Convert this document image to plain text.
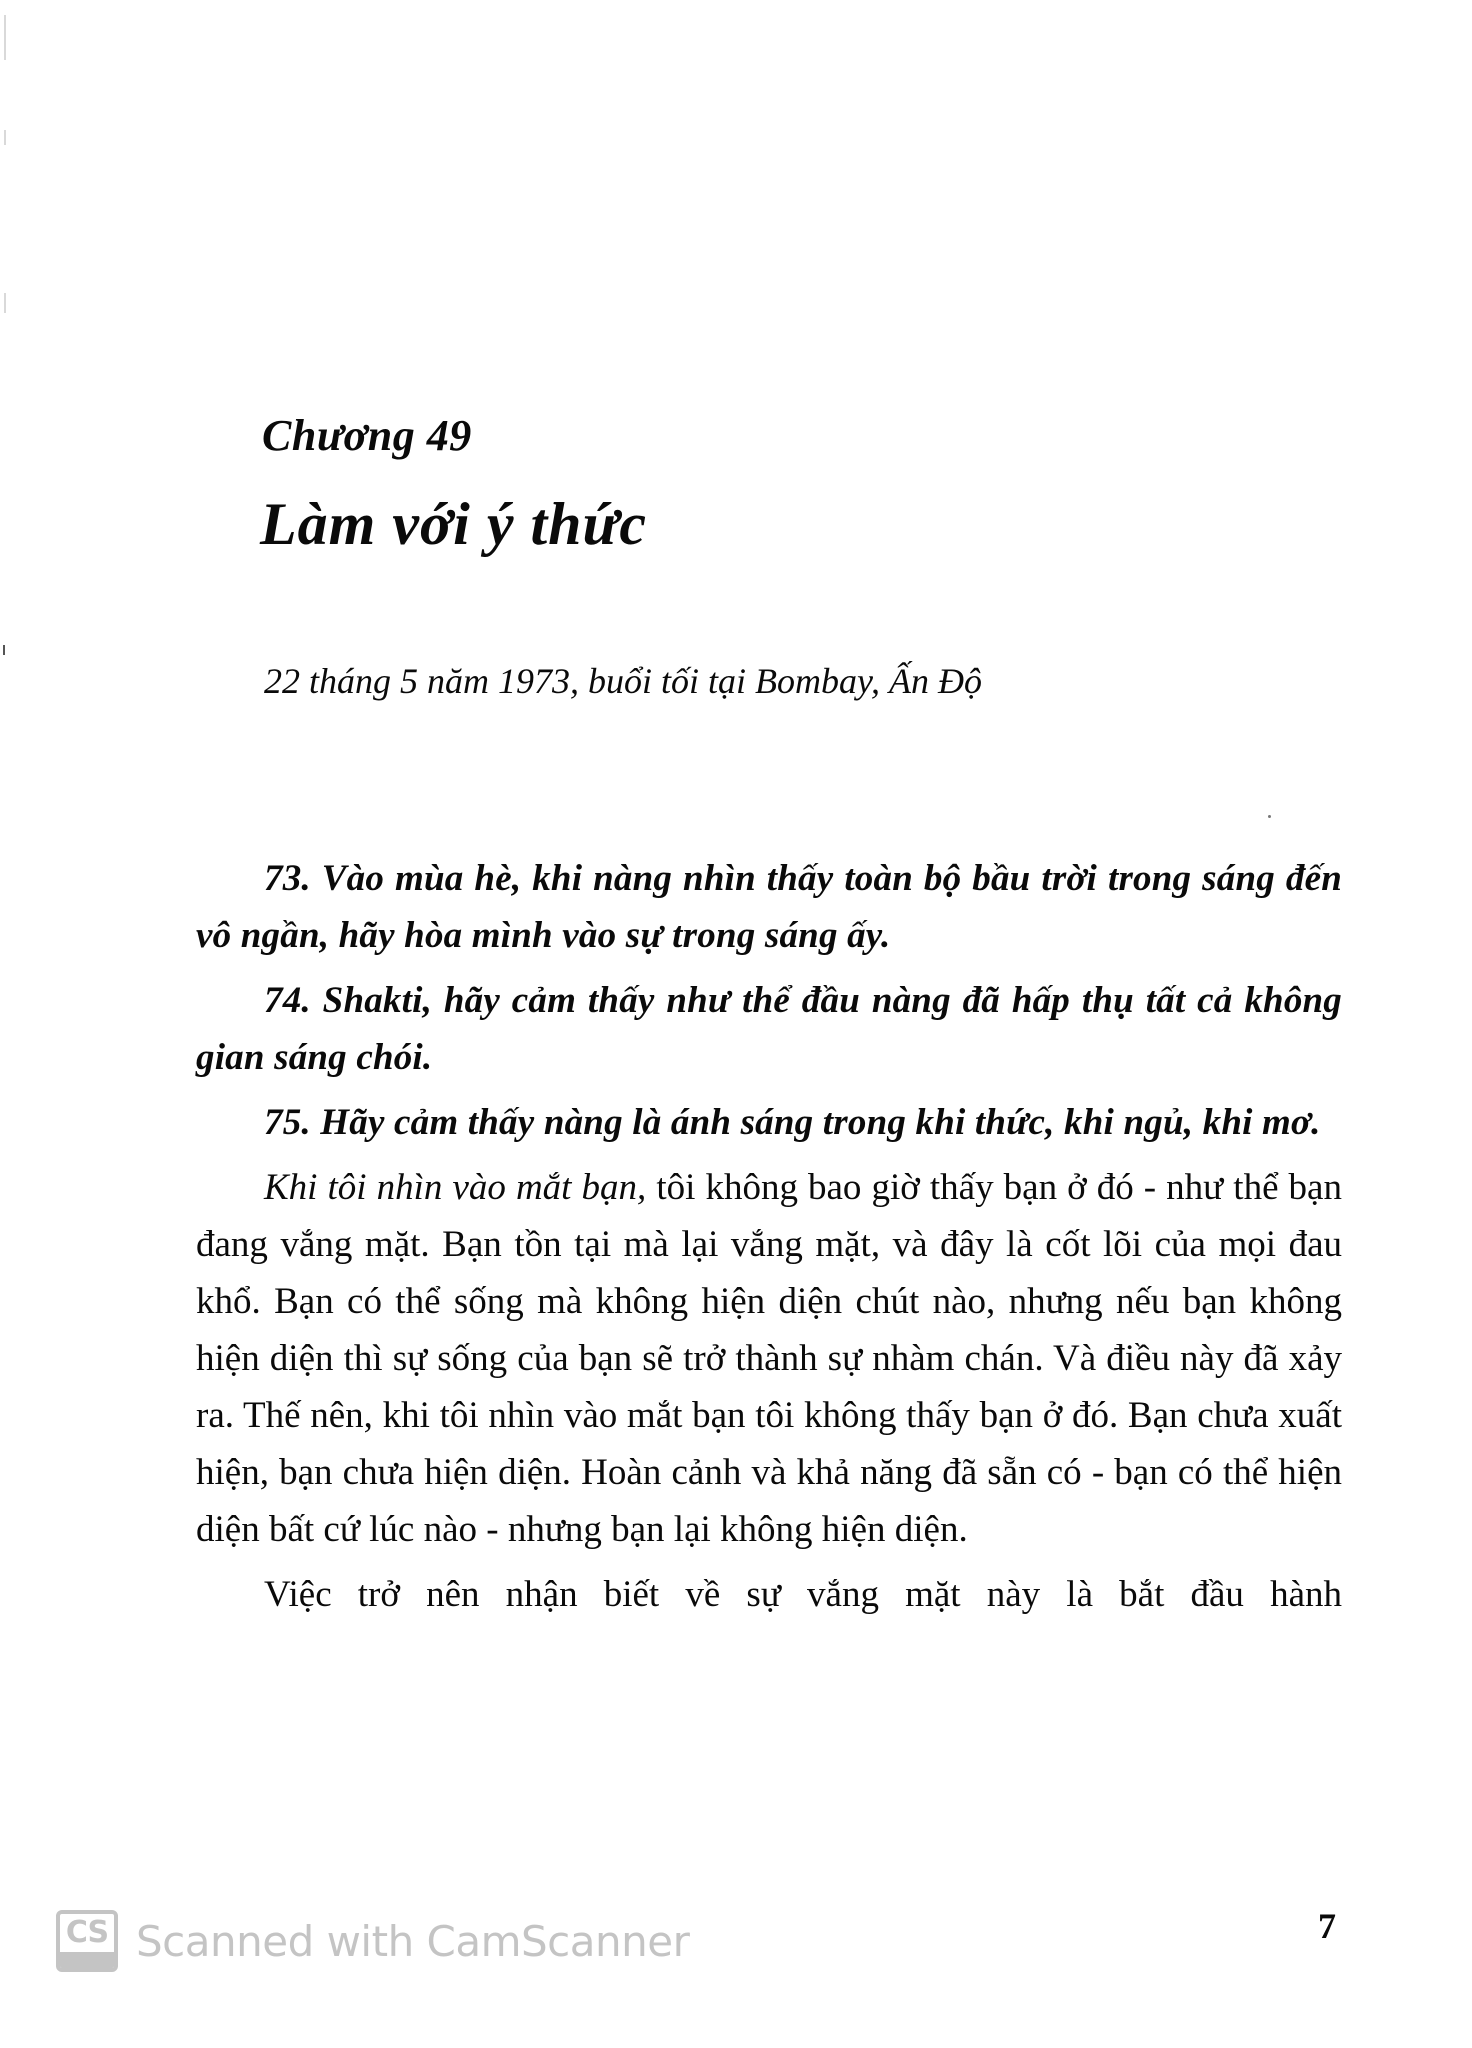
Chương 49
Làm với ý thức

22 tháng 5 năm 1973, buổi tối tại Bombay, Ấn Độ

73. Vào mùa hè, khi nàng nhìn thấy toàn bộ bầu trời trong sáng đến vô ngần, hãy hòa mình vào sự trong sáng ấy.

74. Shakti, hãy cảm thấy như thể đầu nàng đã hấp thụ tất cả không gian sáng chói.

75. Hãy cảm thấy nàng là ánh sáng trong khi thức, khi ngủ, khi mơ.

Khi tôi nhìn vào mắt bạn, tôi không bao giờ thấy bạn ở đó - như thể bạn đang vắng mặt. Bạn tồn tại mà lại vắng mặt, và đây là cốt lõi của mọi đau khổ. Bạn có thể sống mà không hiện diện chút nào, nhưng nếu bạn không hiện diện thì sự sống của bạn sẽ trở thành sự nhàm chán. Và điều này đã xảy ra. Thế nên, khi tôi nhìn vào mắt bạn tôi không thấy bạn ở đó. Bạn chưa xuất hiện, bạn chưa hiện diện. Hoàn cảnh và khả năng đã sẵn có - bạn có thể hiện diện bất cứ lúc nào - nhưng bạn lại không hiện diện.

Việc trở nên nhận biết về sự vắng mặt này là bắt đầu hành

CS Scanned with CamScanner	7
